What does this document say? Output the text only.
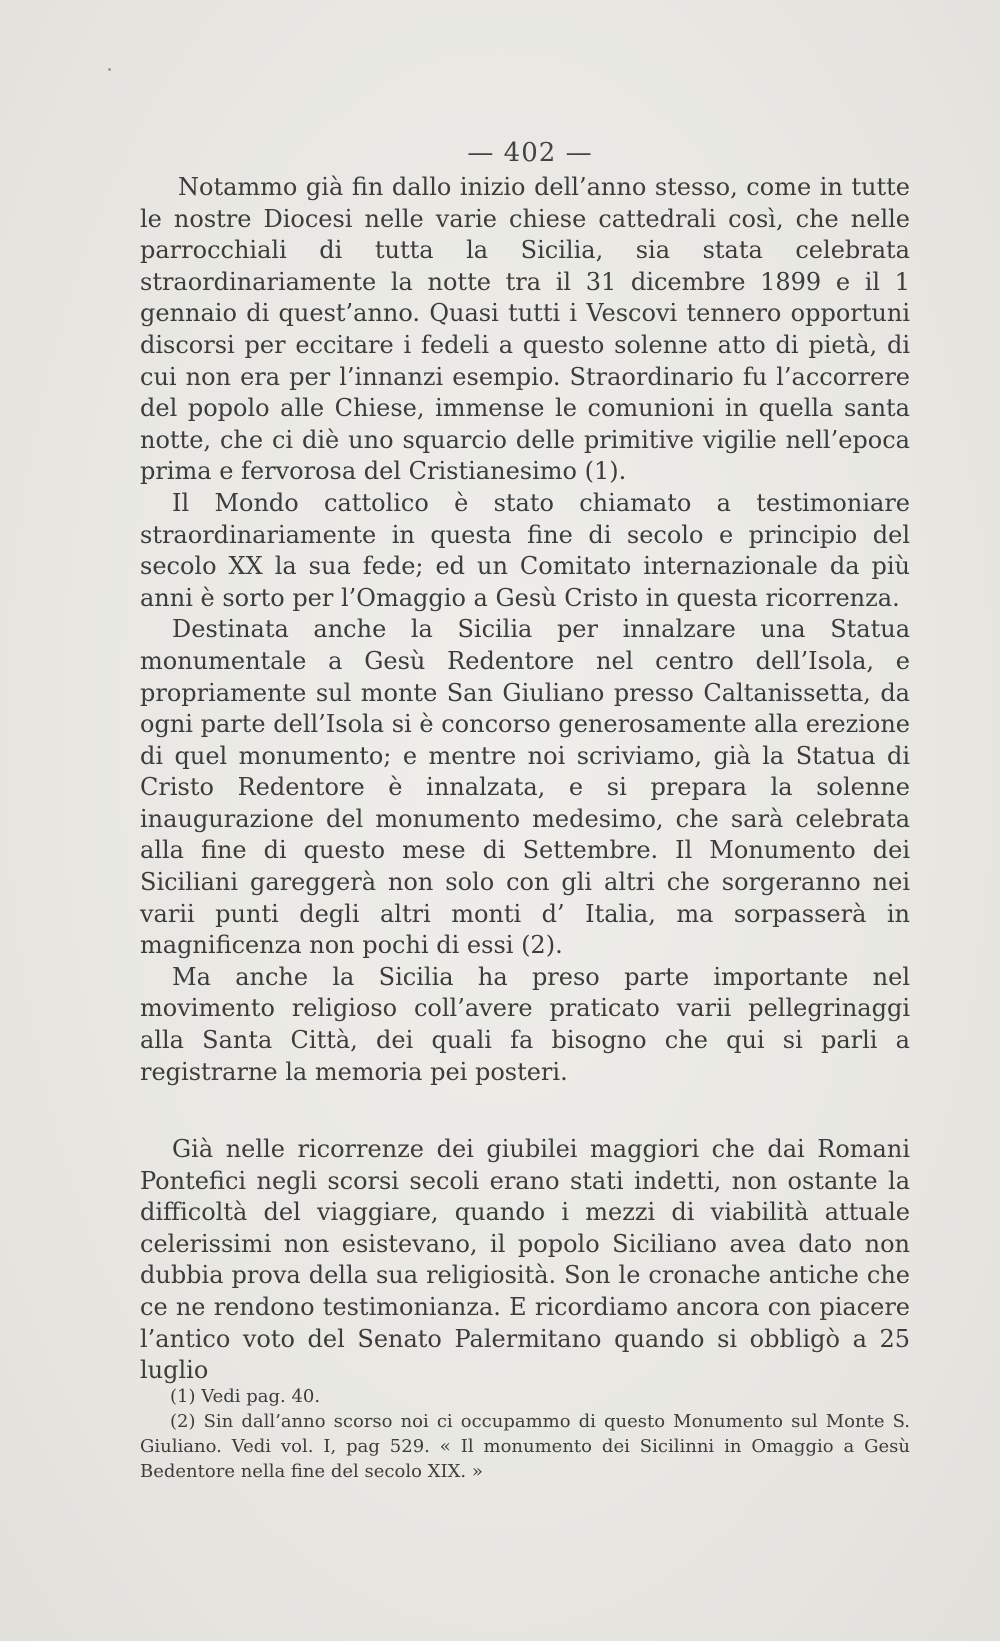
— 402 —

Notammo già fin dallo inizio dell’anno stesso, come in tutte le nostre Diocesi nelle varie chiese cattedrali così, che nelle parrocchiali di tutta la Sicilia, sia stata celebrata straordinariamente la notte tra il 31 dicembre 1899 e il 1 gennaio di quest’anno. Quasi tutti i Vescovi tennero opportuni discorsi per eccitare i fedeli a questo solenne atto di pietà, di cui non era per l’innanzi esempio. Straordinario fu l’accorrere del popolo alle Chiese, immense le comunioni in quella santa notte, che ci diè uno squarcio delle primitive vigilie nell’epoca prima e fervorosa del Cristianesimo (1).

Il Mondo cattolico è stato chiamato a testimoniare straordinariamente in questa fine di secolo e principio del secolo XX la sua fede; ed un Comitato internazionale da più anni è sorto per l’Omaggio a Gesù Cristo in questa ricorrenza.

Destinata anche la Sicilia per innalzare una Statua monumentale a Gesù Redentore nel centro dell’Isola, e propriamente sul monte San Giuliano presso Caltanissetta, da ogni parte dell’Isola si è concorso generosamente alla erezione di quel monumento; e mentre noi scriviamo, già la Statua di Cristo Redentore è innalzata, e si prepara la solenne inaugurazione del monumento medesimo, che sarà celebrata alla fine di questo mese di Settembre. Il Monumento dei Siciliani gareggerà non solo con gli altri che sorgeranno nei varii punti degli altri monti d’ Italia, ma sorpasserà in magnificenza non pochi di essi (2).

Ma anche la Sicilia ha preso parte importante nel movimento religioso coll’avere praticato varii pellegrinaggi alla Santa Città, dei quali fa bisogno che qui si parli a registrarne la memoria pei posteri.

Già nelle ricorrenze dei giubilei maggiori che dai Romani Pontefici negli scorsi secoli erano stati indetti, non ostante la difficoltà del viaggiare, quando i mezzi di viabilità attuale celerissimi non esistevano, il popolo Siciliano avea dato non dubbia prova della sua religiosità. Son le cronache antiche che ce ne rendono testimonianza. E ricordiamo ancora con piacere l’antico voto del Senato Palermitano quando si obbligò a 25 luglio

(1) Vedi pag. 40.

(2) Sin dall’anno scorso noi ci occupammo di questo Monumento sul Monte S. Giuliano. Vedi vol. I, pag 529. « Il monumento dei Sicilinni in Omaggio a Gesù Bedentore nella fine del secolo XIX. »
